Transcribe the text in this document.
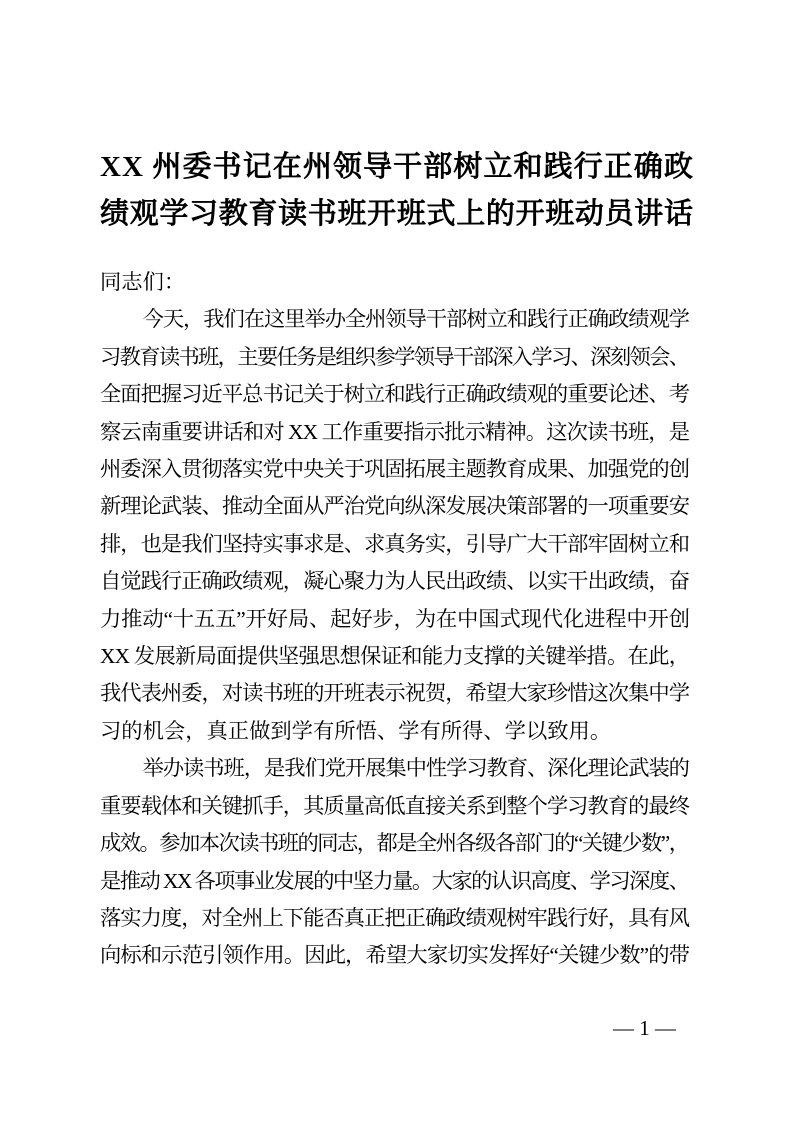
XX 州委书记在州领导干部树立和践行正确政
绩观学习教育读书班开班式上的开班动员讲话
同志们：
今天，我们在这里举办全州领导干部树立和践行正确政绩观学
习教育读书班，主要任务是组织参学领导干部深入学习、深刻领会、
全面把握习近平总书记关于树立和践行正确政绩观的重要论述、考
察云南重要讲话和对 XX 工作重要指示批示精神。这次读书班，是
州委深入贯彻落实党中央关于巩固拓展主题教育成果、加强党的创
新理论武装、推动全面从严治党向纵深发展决策部署的一项重要安
排，也是我们坚持实事求是、求真务实，引导广大干部牢固树立和
自觉践行正确政绩观，凝心聚力为人民出政绩、以实干出政绩，奋
力推动“十五五”开好局、起好步，为在中国式现代化进程中开创
XX 发展新局面提供坚强思想保证和能力支撑的关键举措。在此，
我代表州委，对读书班的开班表示祝贺，希望大家珍惜这次集中学
习的机会，真正做到学有所悟、学有所得、学以致用。
举办读书班，是我们党开展集中性学习教育、深化理论武装的
重要载体和关键抓手，其质量高低直接关系到整个学习教育的最终
成效。参加本次读书班的同志，都是全州各级各部门的“关键少数”，
是推动 XX 各项事业发展的中坚力量。大家的认识高度、学习深度、
落实力度，对全州上下能否真正把正确政绩观树牢践行好，具有风
向标和示范引领作用。因此，希望大家切实发挥好“关键少数”的带
— 1 —
